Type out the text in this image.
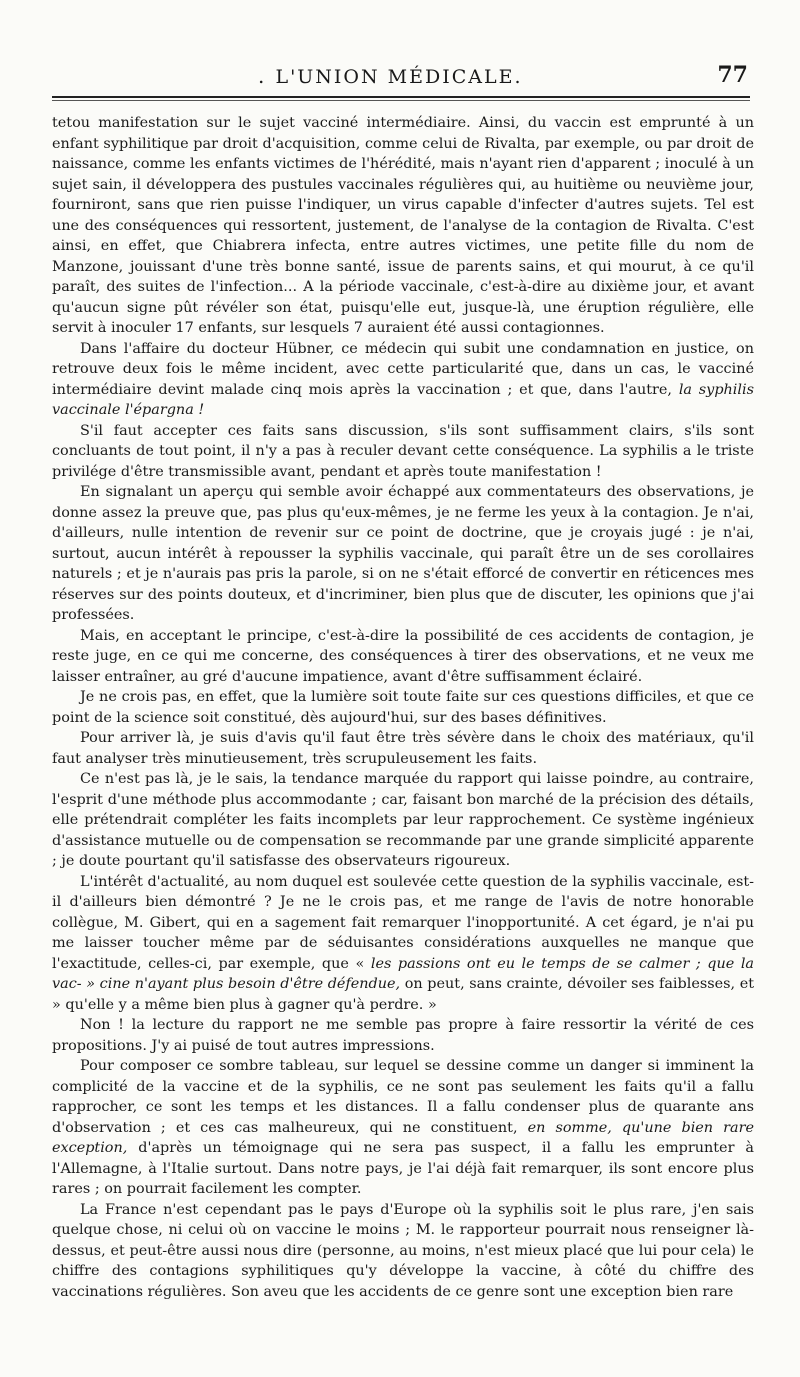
. L'UNION MÉDICALE.	77

tetou manifestation sur le sujet vacciné intermédiaire. Ainsi, du vaccin est emprunté à un enfant syphilitique par droit d'acquisition, comme celui de Rivalta, par exemple, ou par droit de naissance, comme les enfants victimes de l'hérédité, mais n'ayant rien d'apparent ; inoculé à un sujet sain, il développera des pustules vaccinales régulières qui, au huitième ou neuvième jour, fourniront, sans que rien puisse l'indiquer, un virus capable d'infecter d'autres sujets. Tel est une des conséquences qui ressortent, justement, de l'analyse de la contagion de Rivalta. C'est ainsi, en effet, que Chiabrera infecta, entre autres victimes, une petite fille du nom de Manzone, jouissant d'une très bonne santé, issue de parents sains, et qui mourut, à ce qu'il paraît, des suites de l'infection... A la période vaccinale, c'est-à-dire au dixième jour, et avant qu'aucun signe pût révéler son état, puisqu'elle eut, jusque-là, une éruption régulière, elle servit à inoculer 17 enfants, sur lesquels 7 auraient été aussi contagionnes.

Dans l'affaire du docteur Hübner, ce médecin qui subit une condamnation en justice, on retrouve deux fois le même incident, avec cette particularité que, dans un cas, le vacciné intermédiaire devint malade cinq mois après la vaccination ; et que, dans l'autre, la syphilis vaccinale l'épargna !

S'il faut accepter ces faits sans discussion, s'ils sont suffisamment clairs, s'ils sont concluants de tout point, il n'y a pas à reculer devant cette conséquence. La syphilis a le triste privilége d'être transmissible avant, pendant et après toute manifestation !

En signalant un aperçu qui semble avoir échappé aux commentateurs des observations, je donne assez la preuve que, pas plus qu'eux-mêmes, je ne ferme les yeux à la contagion. Je n'ai, d'ailleurs, nulle intention de revenir sur ce point de doctrine, que je croyais jugé : je n'ai, surtout, aucun intérêt à repousser la syphilis vaccinale, qui paraît être un de ses corollaires naturels ; et je n'aurais pas pris la parole, si on ne s'était efforcé de convertir en réticences mes réserves sur des points douteux, et d'incriminer, bien plus que de discuter, les opinions que j'ai professées.

Mais, en acceptant le principe, c'est-à-dire la possibilité de ces accidents de contagion, je reste juge, en ce qui me concerne, des conséquences à tirer des observations, et ne veux me laisser entraîner, au gré d'aucune impatience, avant d'être suffisamment éclairé.

Je ne crois pas, en effet, que la lumière soit toute faite sur ces questions difficiles, et que ce point de la science soit constitué, dès aujourd'hui, sur des bases définitives.

Pour arriver là, je suis d'avis qu'il faut être très sévère dans le choix des matériaux, qu'il faut analyser très minutieusement, très scrupuleusement les faits.

Ce n'est pas là, je le sais, la tendance marquée du rapport qui laisse poindre, au contraire, l'esprit d'une méthode plus accommodante ; car, faisant bon marché de la précision des détails, elle prétendrait compléter les faits incomplets par leur rapprochement. Ce système ingénieux d'assistance mutuelle ou de compensation se recommande par une grande simplicité apparente ; je doute pourtant qu'il satisfasse des observateurs rigoureux.

L'intérêt d'actualité, au nom duquel est soulevée cette question de la syphilis vaccinale, est-il d'ailleurs bien démontré ? Je ne le crois pas, et me range de l'avis de notre honorable collègue, M. Gibert, qui en a sagement fait remarquer l'inopportunité. A cet égard, je n'ai pu me laisser toucher même par de séduisantes considérations auxquelles ne manque que l'exactitude, celles-ci, par exemple, que « les passions ont eu le temps de se calmer ; que la vac- » cine n'ayant plus besoin d'être défendue, on peut, sans crainte, dévoiler ses faiblesses, et » qu'elle y a même bien plus à gagner qu'à perdre. »

Non ! la lecture du rapport ne me semble pas propre à faire ressortir la vérité de ces propositions. J'y ai puisé de tout autres impressions.

Pour composer ce sombre tableau, sur lequel se dessine comme un danger si imminent la complicité de la vaccine et de la syphilis, ce ne sont pas seulement les faits qu'il a fallu rapprocher, ce sont les temps et les distances. Il a fallu condenser plus de quarante ans d'observation ; et ces cas malheureux, qui ne constituent, en somme, qu'une bien rare exception, d'après un témoignage qui ne sera pas suspect, il a fallu les emprunter à l'Allemagne, à l'Italie surtout. Dans notre pays, je l'ai déjà fait remarquer, ils sont encore plus rares ; on pourrait facilement les compter.

La France n'est cependant pas le pays d'Europe où la syphilis soit le plus rare, j'en sais quelque chose, ni celui où on vaccine le moins ; M. le rapporteur pourrait nous renseigner là-dessus, et peut-être aussi nous dire (personne, au moins, n'est mieux placé que lui pour cela) le chiffre des contagions syphilitiques qu'y développe la vaccine, à côté du chiffre des vaccinations régulières. Son aveu que les accidents de ce genre sont une exception bien rare
